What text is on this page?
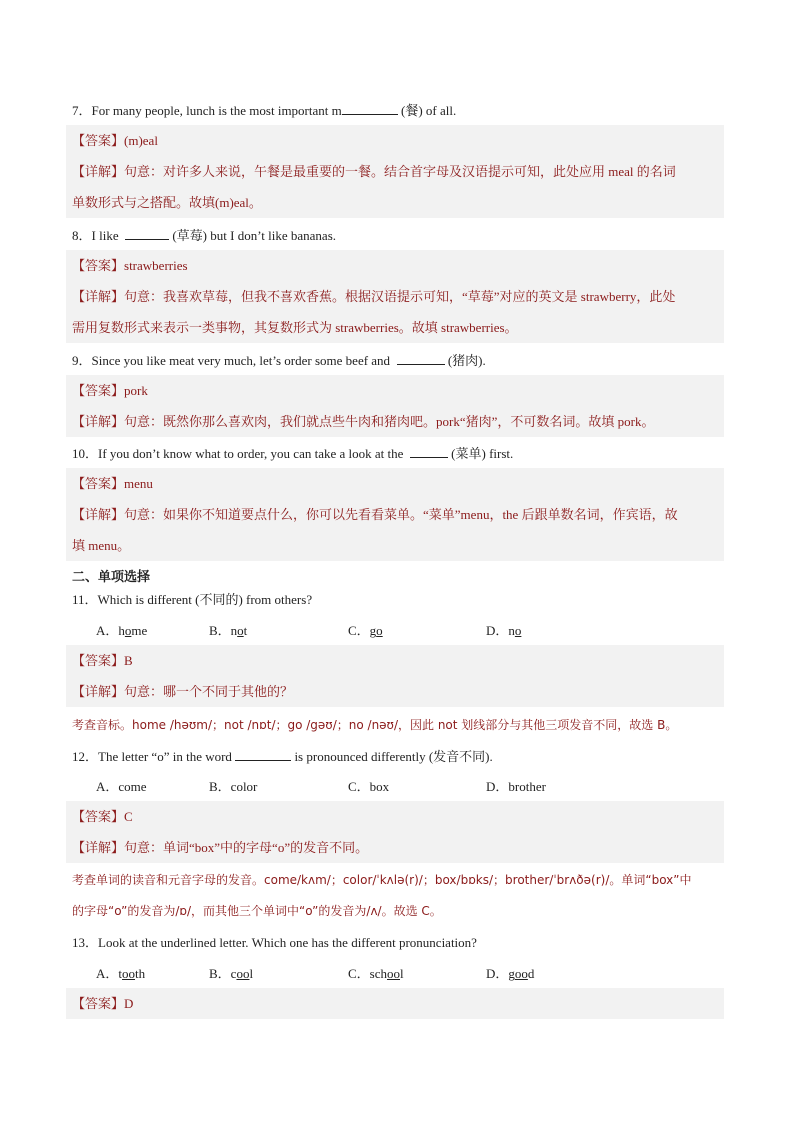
7．For many people, lunch is the most important m	(餐) of all.
【答案】(m)eal
【详解】句意：对许多人来说，午餐是最重要的一餐。结合首字母及汉语提示可知，此处应用 meal 的名词
单数形式与之搭配。故填(m)eal。
8．I like	(草莓) but I don’t like bananas.
【答案】strawberries
【详解】句意：我喜欢草莓，但我不喜欢香蕉。根据汉语提示可知，“草莓”对应的英文是 strawberry，此处
需用复数形式来表示一类事物，其复数形式为 strawberries。故填 strawberries。
9．Since you like meat very much, let’s order some beef and	(猪肉).
【答案】pork
【详解】句意：既然你那么喜欢肉，我们就点些牛肉和猪肉吧。pork“猪肉”，不可数名词。故填 pork。
10．If you don’t know what to order, you can take a look at the	(菜单) first.
【答案】menu
【详解】句意：如果你不知道要点什么，你可以先看看菜单。“菜单”menu，the 后跟单数名词，作宾语，故
填 menu。
二、单项选择
11．Which is different (不同的) from others?
A．home	B．not	C．go	D．no
【答案】B
【详解】句意：哪一个不同于其他的？
考查音标。home /həʊm/；not /nɒt/；go /gəʊ/；no /nəʊ/，因此 not 划线部分与其他三项发音不同，故选 B。
12．The letter “o” in the word	is pronounced differently (发音不同).
A．come	B．color	C．box	D．brother
【答案】C
【详解】句意：单词“box”中的字母“o”的发音不同。
考查单词的读音和元音字母的发音。come/kʌm/；color/ˈkʌlə(r)/；box/bɒks/；brother/ˈbrʌðə(r)/。单词“box”中
的字母“o”的发音为/ɒ/，而其他三个单词中“o”的发音为/ʌ/。故选 C。
13．Look at the underlined letter. Which one has the different pronunciation?
A．tooth	B．cool	C．school	D．good
【答案】D
